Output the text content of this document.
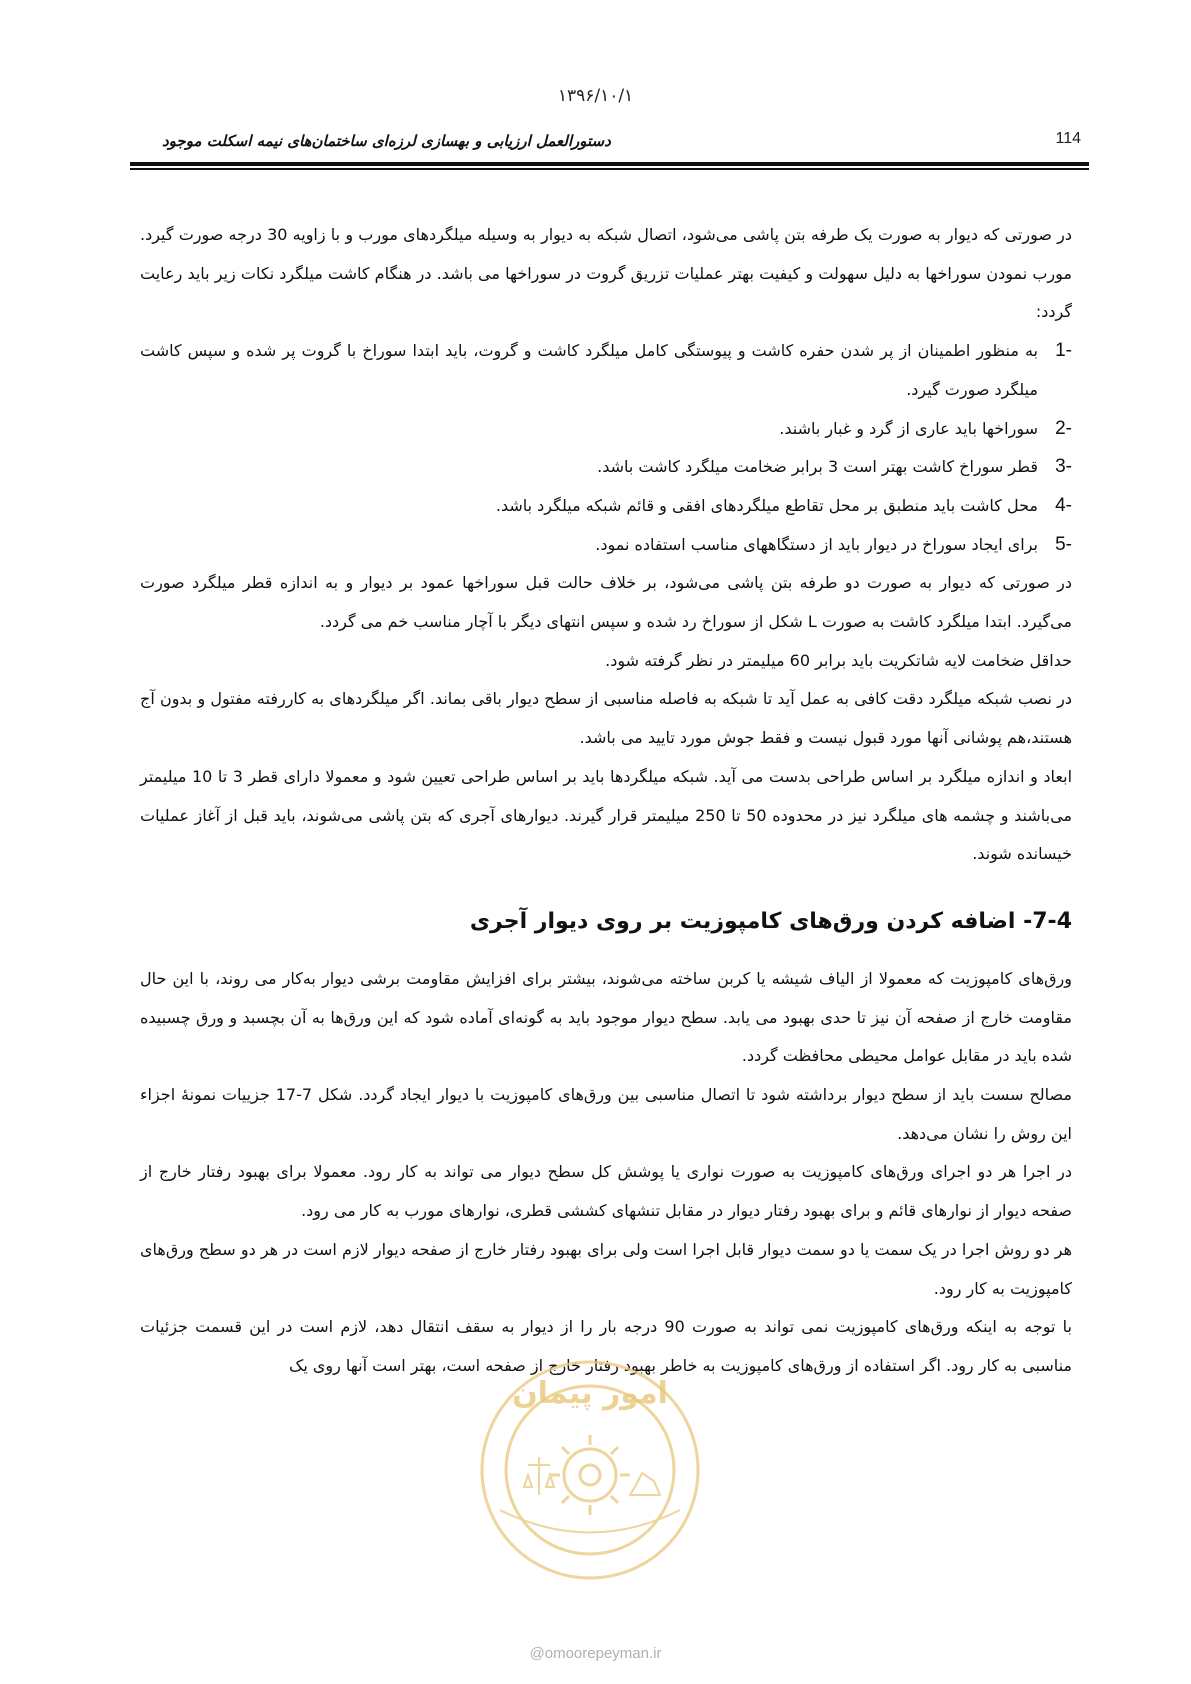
۱۳۹۶/۱۰/۱
دستورالعمل ارزیابی و بهسازی لرزه‌ای ساختمان‌های نیمه اسکلت موجود	114

در صورتی که دیوار به صورت یک طرفه بتن پاشی می‌شود، اتصال شبکه به دیوار به وسیله میلگردهای مورب و با زاویه 30 درجه صورت گیرد. مورب نمودن سوراخها به دلیل سهولت و کیفیت بهتر عملیات تزریق گروت در سوراخها می باشد. در هنگام کاشت میلگرد نکات زیر باید رعایت گردد:

-1
به منظور اطمینان از پر شدن حفره کاشت و پیوستگی کامل میلگرد کاشت و گروت، باید ابتدا سوراخ با گروت پر شده و سپس کاشت میلگرد صورت گیرد.
-2
سوراخها باید عاری از گرد و غبار باشند.
-3
قطر سوراخ کاشت بهتر است 3 برابر ضخامت میلگرد کاشت باشد.
-4
محل کاشت باید منطبق بر محل تقاطع میلگردهای افقی و قائم شبکه میلگرد باشد.
-5
برای ایجاد سوراخ در دیوار باید از دستگاههای مناسب استفاده نمود.

در صورتی که دیوار به صورت دو طرفه بتن پاشی می‌شود، بر خلاف حالت قبل سوراخها عمود بر دیوار و به اندازه قطر میلگرد صورت می‌گیرد. ابتدا میلگرد کاشت به صورت L شکل از سوراخ رد شده و سپس انتهای دیگر با آچار مناسب خم می گردد.

حداقل ضخامت لایه شاتکریت باید برابر 60 میلیمتر در نظر گرفته شود.

در نصب شبکه میلگرد دقت کافی به عمل آید تا شبکه به فاصله مناسبی از سطح دیوار باقی بماند. اگر میلگردهای به کاررفته مفتول و بدون آج هستند،هم پوشانی آنها مورد قبول نیست و فقط جوش مورد تایید می باشد.

ابعاد و اندازه میلگرد بر اساس طراحی بدست می آید. شبکه میلگردها باید بر اساس طراحی تعیین شود و معمولا دارای قطر 3 تا 10 میلیمتر می‌باشند و چشمه های میلگرد نیز در محدوده 50 تا 250 میلیمتر قرار گیرند. دیوارهای آجری که بتن پاشی می‌شوند، باید قبل از آغاز عملیات خیسانده شوند.

7-4- اضافه کردن ورق‌های کامپوزیت بر روی دیوار آجری

ورق‌های کامپوزیت که معمولا از الیاف شیشه یا کربن ساخته می‌شوند، بیشتر برای افزایش مقاومت برشی دیوار به‌کار می روند، با این حال مقاومت خارج از صفحه آن نیز تا حدی بهبود می یابد. سطح دیوار موجود باید به گونه‌ای آماده شود که این ورق‌ها به آن بچسبد و ورق چسبیده شده باید در مقابل عوامل محیطی محافظت گردد.

مصالح سست باید از سطح دیوار برداشته شود تا اتصال مناسبی بین ورق‌های کامپوزیت با دیوار ایجاد گردد. شکل 7-17 جزییات نمونۀ اجزاء این روش را نشان می‌دهد.

در اجرا هر دو اجرای ورق‌های کامپوزیت به صورت نواری یا پوشش کل سطح دیوار می تواند به کار رود. معمولا برای بهبود رفتار خارج از صفحه دیوار از نوارهای قائم و برای بهبود رفتار دیوار در مقابل تنشهای کششی قطری، نوارهای مورب به کار می رود.

هر دو روش اجرا در یک سمت یا دو سمت دیوار قابل اجرا است ولی برای بهبود رفتار خارج از صفحه دیوار لازم است در هر دو سطح ورق‌های کامپوزیت به کار رود.

با توجه به اینکه ورق‌های کامپوزیت نمی تواند به صورت 90 درجه بار را از دیوار به سقف انتقال دهد، لازم است در این قسمت جزئیات مناسبی به کار رود. اگر استفاده از ورق‌های کامپوزیت به خاطر بهبود رفتار خارج از صفحه است، بهتر است آنها روی یک

امور پیمان
@omoorepeyman.ir
